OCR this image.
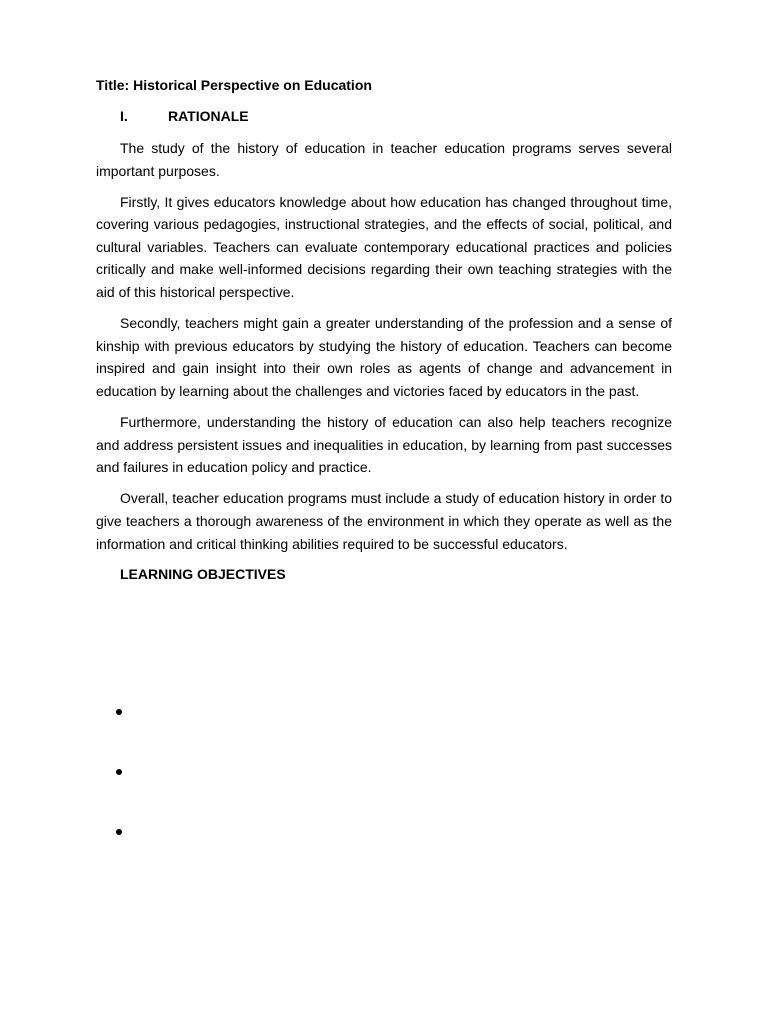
Title: Historical Perspective on Education
I.	RATIONALE

The study of the history of education in teacher education programs serves several important purposes.

Firstly, It gives educators knowledge about how education has changed throughout time, covering various pedagogies, instructional strategies, and the effects of social, political, and cultural variables. Teachers can evaluate contemporary educational practices and policies critically and make well-informed decisions regarding their own teaching strategies with the aid of this historical perspective.

Secondly, teachers might gain a greater understanding of the profession and a sense of kinship with previous educators by studying the history of education. Teachers can become inspired and gain insight into their own roles as agents of change and advancement in education by learning about the challenges and victories faced by educators in the past.

Furthermore, understanding the history of education can also help teachers recognize and address persistent issues and inequalities in education, by learning from past successes and failures in education policy and practice.

Overall, teacher education programs must include a study of education history in order to give teachers a thorough awareness of the environment in which they operate as well as the information and critical thinking abilities required to be successful educators.

LEARNING OBJECTIVES
